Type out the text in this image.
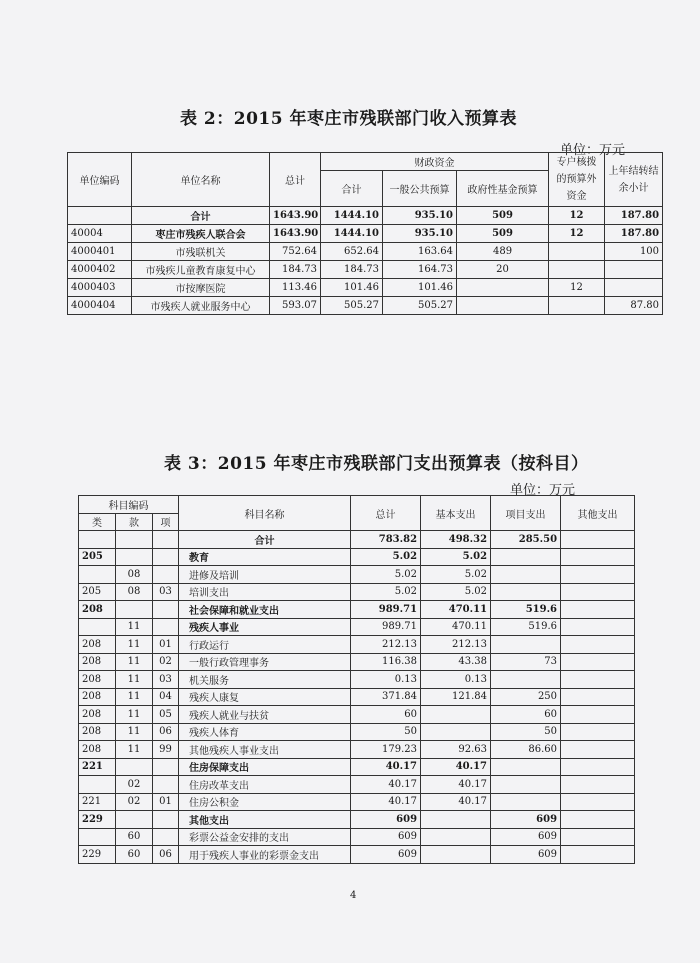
表 2：2015 年枣庄市残联部门收入预算表
单位：万元
单位编码	单位名称	总计	财政资金			专户核拨的预算外资金	上年结转结余小计
			合计	一般公共预算	政府性基金预算		
	合计	1643.90	1444.10	935.10	509	12	187.80
40004	枣庄市残疾人联合会	1643.90	1444.10	935.10	509	12	187.80
4000401	市残联机关	752.64	652.64	163.64	489		100
4000402	市残疾儿童教育康复中心	184.73	184.73	164.73	20		
4000403	市按摩医院	113.46	101.46	101.46		12	
4000404	市残疾人就业服务中心	593.07	505.27	505.27			87.80
表 3：2015 年枣庄市残联部门支出预算表（按科目）
单位：万元
科目编码			科目名称	总计	基本支出	项目支出	其他支出
类	款	项					
			合计	783.82	498.32	285.50	
205			教育	5.02	5.02		
	08		进修及培训	5.02	5.02		
205	08	03	培训支出	5.02	5.02		
208			社会保障和就业支出	989.71	470.11	519.6	
	11		残疾人事业	989.71	470.11	519.6	
208	11	01	行政运行	212.13	212.13		
208	11	02	一般行政管理事务	116.38	43.38	73	
208	11	03	机关服务	0.13	0.13		
208	11	04	残疾人康复	371.84	121.84	250	
208	11	05	残疾人就业与扶贫	60		60	
208	11	06	残疾人体育	50		50	
208	11	99	其他残疾人事业支出	179.23	92.63	86.60	
221			住房保障支出	40.17	40.17		
	02		住房改革支出	40.17	40.17		
221	02	01	住房公积金	40.17	40.17		
229			其他支出	609		609	
	60		彩票公益金安排的支出	609		609	
229	60	06	用于残疾人事业的彩票金支出	609		609	
4
